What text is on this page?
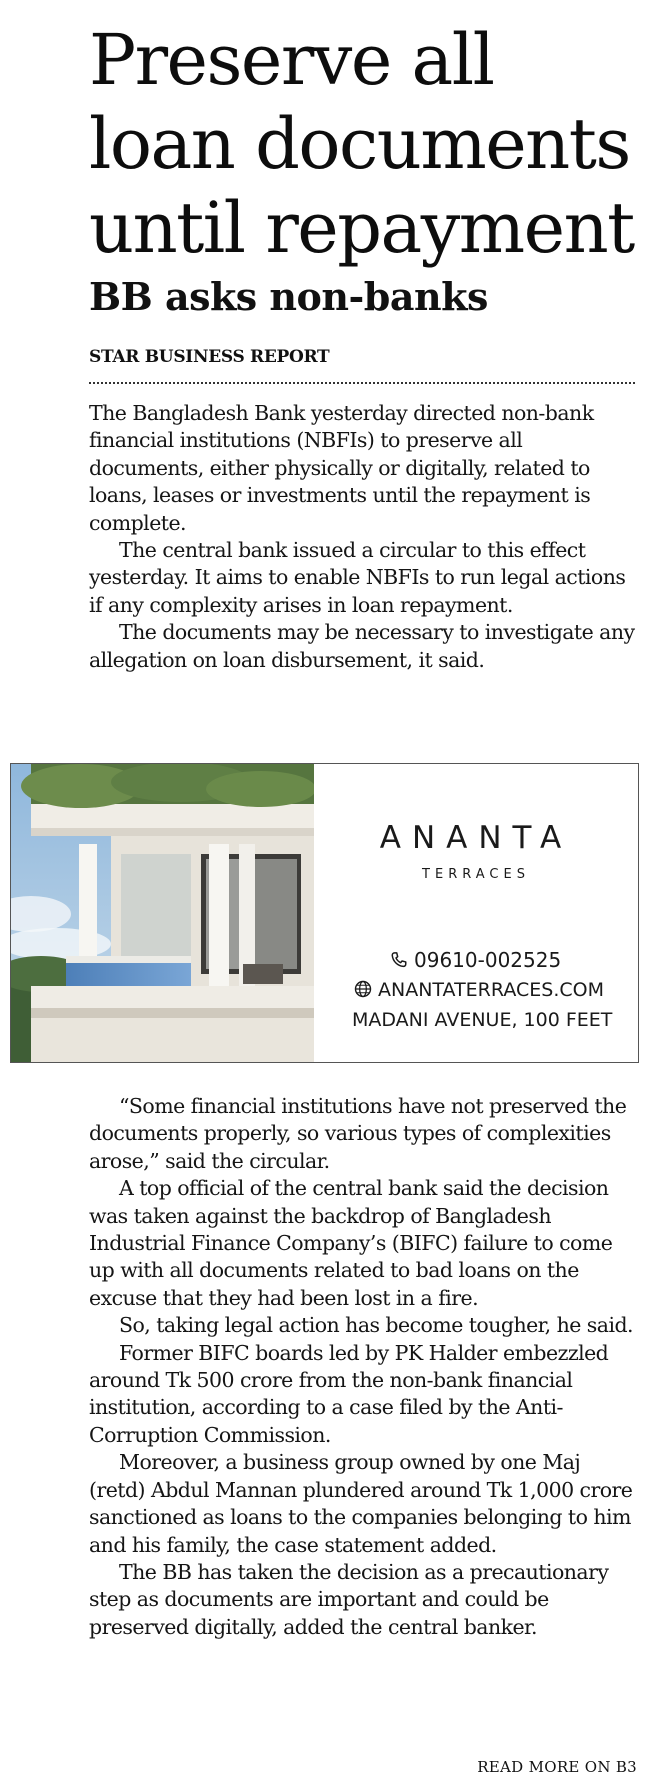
Preserve all
loan documents
until repayment
BB asks non-banks
STAR BUSINESS REPORT

The Bangladesh Bank yesterday directed non-bank financial institutions (NBFIs) to preserve all documents, either physically or digitally, related to loans, leases or investments until the repayment is complete.

The central bank issued a circular to this effect yesterday. It aims to enable NBFIs to run legal actions if any complexity arises in loan repayment.

The documents may be necessary to investigate any allegation on loan disbursement, it said.

ANANTA
TERRACES
09610-002525
ANANTATERRACES.COM
MADANI AVENUE, 100 FEET

“Some financial institutions have not preserved the documents properly, so various types of complexities arose,” said the circular.

A top official of the central bank said the decision was taken against the backdrop of Bangladesh Industrial Finance Company’s (BIFC) failure to come up with all documents related to bad loans on the excuse that they had been lost in a fire.

So, taking legal action has become tougher, he said.

Former BIFC boards led by PK Halder embezzled around Tk 500 crore from the non-bank financial institution, according to a case filed by the Anti-Corruption Commission.

Moreover, a business group owned by one Maj (retd) Abdul Mannan plundered around Tk 1,000 crore sanctioned as loans to the companies belonging to him and his family, the case statement added.

The BB has taken the decision as a precautionary step as documents are important and could be preserved digitally, added the central banker.

READ MORE ON B3
